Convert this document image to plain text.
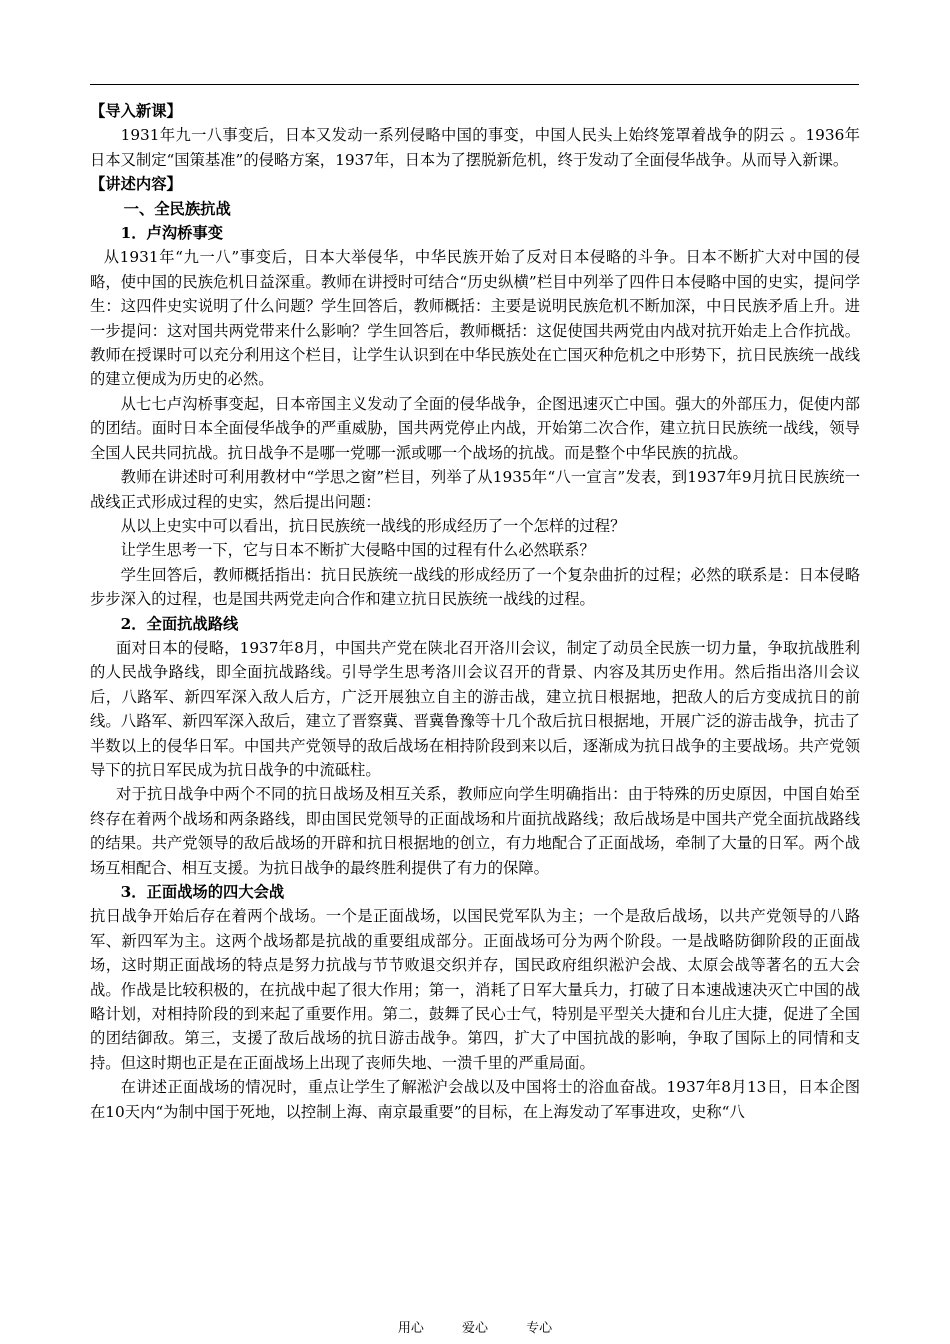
【导入新课】

1931年九一八事变后，日本又发动一系列侵略中国的事变，中国人民头上始终笼罩着战争的阴云 。1936年日本又制定“国策基准”的侵略方案，1937年，日本为了摆脱新危机，终于发动了全面侵华战争。从而导入新课。

【讲述内容】

一、全民族抗战

1．卢沟桥事变

从1931年“九一八”事变后，日本大举侵华，中华民族开始了反对日本侵略的斗争。日本不断扩大对中国的侵略，使中国的民族危机日益深重。教师在讲授时可结合“历史纵横”栏目中列举了四件日本侵略中国的史实，提问学生：这四件史实说明了什么问题？学生回答后，教师概括：主要是说明民族危机不断加深，中日民族矛盾上升。进一步提问：这对国共两党带来什么影响？学生回答后，教师概括：这促使国共两党由内战对抗开始走上合作抗战。教师在授课时可以充分利用这个栏目，让学生认识到在中华民族处在亡国灭种危机之中形势下，抗日民族统一战线的建立便成为历史的必然。

从七七卢沟桥事变起，日本帝国主义发动了全面的侵华战争，企图迅速灭亡中国。强大的外部压力，促使内部的团结。面时日本全面侵华战争的严重威胁，国共两党停止内战，开始第二次合作，建立抗日民族统一战线，领导全国人民共同抗战。抗日战争不是哪一党哪一派或哪一个战场的抗战。而是整个中华民族的抗战。

教师在讲述时可利用教材中“学思之窗”栏目，列举了从1935年“八一宣言”发表，到1937年9月抗日民族统一战线正式形成过程的史实，然后提出问题：

从以上史实中可以看出，抗日民族统一战线的形成经历了一个怎样的过程？

让学生思考一下，它与日本不断扩大侵略中国的过程有什么必然联系？

学生回答后，教师概括指出：抗日民族统一战线的形成经历了一个复杂曲折的过程；必然的联系是：日本侵略步步深入的过程，也是国共两党走向合作和建立抗日民族统一战线的过程。

2．全面抗战路线

面对日本的侵略，1937年8月，中国共产党在陕北召开洛川会议，制定了动员全民族一切力量，争取抗战胜利的人民战争路线，即全面抗战路线。引导学生思考洛川会议召开的背景、内容及其历史作用。然后指出洛川会议后，八路军、新四军深入敌人后方，广泛开展独立自主的游击战，建立抗日根据地，把敌人的后方变成抗日的前线。八路军、新四军深入敌后，建立了晋察冀、晋冀鲁豫等十几个敌后抗日根据地，开展广泛的游击战争，抗击了半数以上的侵华日军。中国共产党领导的敌后战场在相持阶段到来以后，逐渐成为抗日战争的主要战场。共产党领导下的抗日军民成为抗日战争的中流砥柱。

对于抗日战争中两个不同的抗日战场及相互关系，教师应向学生明确指出：由于特殊的历史原因，中国自始至终存在着两个战场和两条路线，即由国民党领导的正面战场和片面抗战路线；敌后战场是中国共产党全面抗战路线的结果。共产党领导的敌后战场的开辟和抗日根据地的创立，有力地配合了正面战场，牵制了大量的日军。两个战场互相配合、相互支援。为抗日战争的最终胜利提供了有力的保障。

3．正面战场的四大会战

抗日战争开始后存在着两个战场。一个是正面战场，以国民党军队为主；一个是敌后战场，以共产党领导的八路军、新四军为主。这两个战场都是抗战的重要组成部分。正面战场可分为两个阶段。一是战略防御阶段的正面战场，这时期正面战场的特点是努力抗战与节节败退交织并存，国民政府组织淞沪会战、太原会战等著名的五大会战。作战是比较积极的，在抗战中起了很大作用；第一，消耗了日军大量兵力，打破了日本速战速决灭亡中国的战略计划，对相持阶段的到来起了重要作用。第二，鼓舞了民心士气，特别是平型关大捷和台儿庄大捷，促进了全国的团结御敌。第三，支援了敌后战场的抗日游击战争。第四，扩大了中国抗战的影响，争取了国际上的同情和支持。但这时期也正是在正面战场上出现了丧师失地、一溃千里的严重局面。

在讲述正面战场的情况时，重点让学生了解淞沪会战以及中国将士的浴血奋战。1937年8月13日，日本企图在10天内“为制中国于死地，以控制上海、南京最重要”的目标，在上海发动了军事进攻，史称“八

用心	爱心	专心
